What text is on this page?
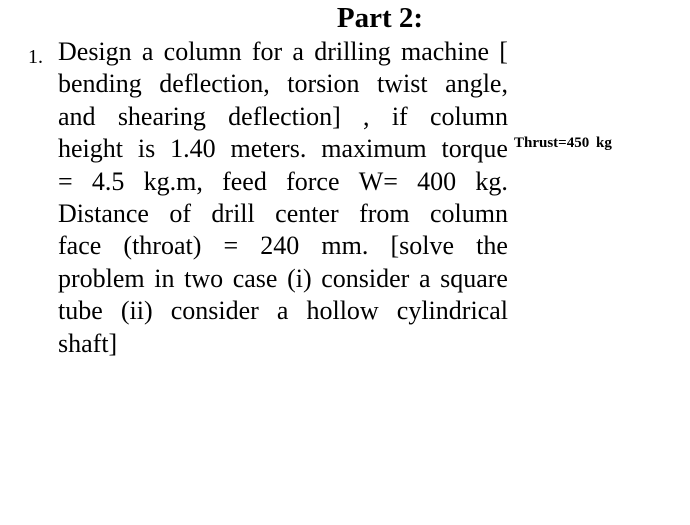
Part 2:
1. Design a column for a drilling machine [
bending deflection, torsion twist angle,
and shearing deflection] , if column
height is 1.40 meters. maximum torque
= 4.5 kg.m, feed force W= 400 kg.
Distance of drill center from column
face (throat) = 240 mm. [solve the
problem in two case (i) consider a square
tube (ii) consider a hollow cylindrical
shaft]
Thrust=450 kg
